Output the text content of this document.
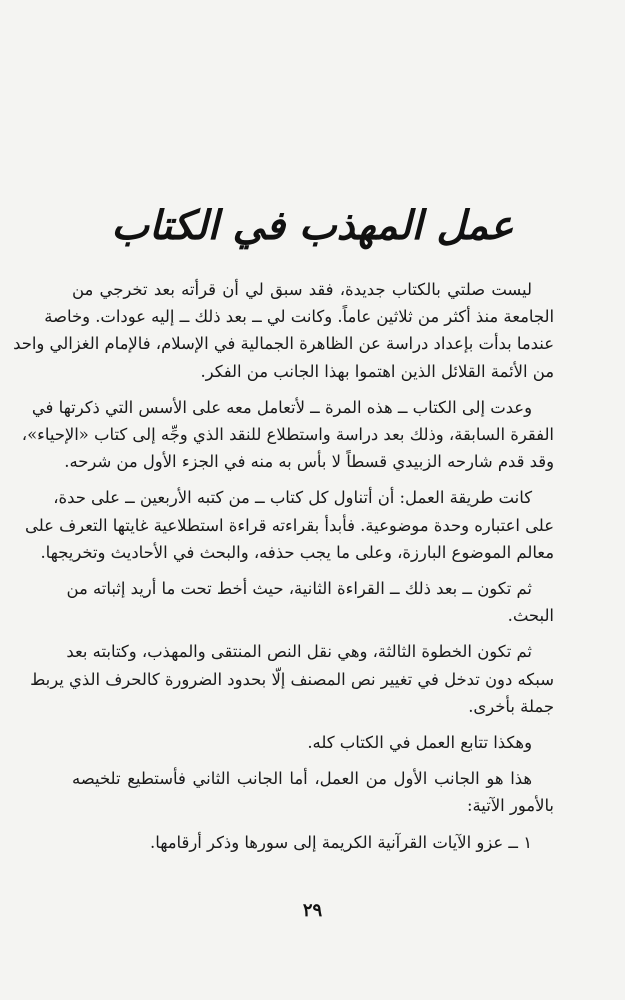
عمل المهذب في الكتاب

ليست صلتي بالكتاب جديدة، فقد سبق لي أن قرأته بعد تخرجي من
الجامعة منذ أكثر من ثلاثين عاماً. وكانت لي ــ بعد ذلك ــ إليه عودات. وخاصة
عندما بدأت بإعداد دراسة عن الظاهرة الجمالية في الإسلام، فالإمام الغزالي واحد
من الأئمة القلائل الذين اهتموا بهذا الجانب من الفكر.

وعدت إلى الكتاب ــ هذه المرة ــ لأتعامل معه على الأسس التي ذكرتها في
الفقرة السابقة، وذلك بعد دراسة واستطلاع للنقد الذي وجِّه إلى كتاب «الإحياء»،
وقد قدم شارحه الزبيدي قسطاً لا بأس به منه في الجزء الأول من شرحه.

كانت طريقة العمل: أن أتناول كل كتاب ــ من كتبه الأربعين ــ على حدة،
على اعتباره وحدة موضوعية. فأبدأ بقراءته قراءة استطلاعية غايتها التعرف على
معالم الموضوع البارزة، وعلى ما يجب حذفه، والبحث في الأحاديث وتخريجها.

ثم تكون ــ بعد ذلك ــ القراءة الثانية، حيث أخط تحت ما أريد إثباته من
البحث.

ثم تكون الخطوة الثالثة، وهي نقل النص المنتقى والمهذب، وكتابته بعد
سبكه دون تدخل في تغيير نص المصنف إلّا بحدود الضرورة كالحرف الذي يربط
جملة بأخرى.

وهكذا تتابع العمل في الكتاب كله.

هذا هو الجانب الأول من العمل، أما الجانب الثاني فأستطيع تلخيصه
بالأمور الآتية:

١ ــ عزو الآيات القرآنية الكريمة إلى سورها وذكر أرقامها.

٢٩
